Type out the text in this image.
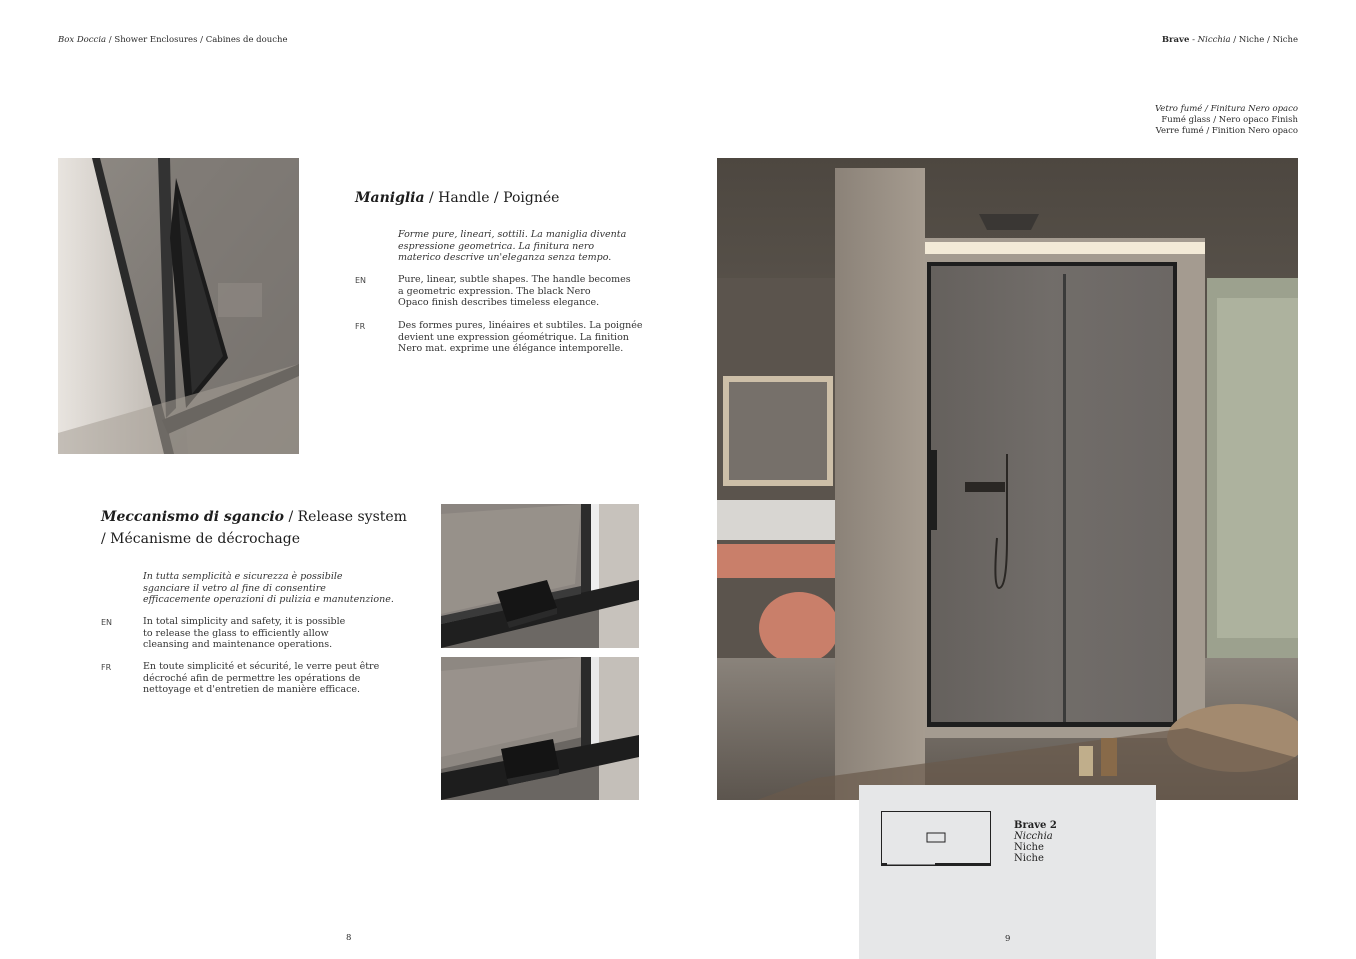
Box Doccia / Shower Enclosures / Cabines de douche	Brave - Nicchia / Niche / Niche
Vetro fumé / Finitura Nero opaco
Fumé glass / Nero opaco Finish
Verre fumé / Finition Nero opaco
Maniglia / Handle / Poignée
Forme pure, lineari, sottili. La maniglia diventa
espressione geometrica. La finitura nero
materico descrive un'eleganza senza tempo.
EN	Pure, linear, subtle shapes. The handle becomes
a geometric expression. The black Nero
Opaco finish describes timeless elegance.
FR	Des formes pures, linéaires et subtiles. La poignée
devient une expression géométrique. La finition
Nero mat. exprime une élégance intemporelle.
Meccanismo di sgancio / Release system
/ Mécanisme de décrochage
In tutta semplicità e sicurezza è possibile
sganciare il vetro al fine di consentire
efficacemente operazioni di pulizia e manutenzione.
EN	In total simplicity and safety, it is possible
to release the glass to efficiently allow
cleansing and maintenance operations.
FR	En toute simplicité et sécurité, le verre peut être
décroché afin de permettre les opérations de
nettoyage et d'entretien de manière efficace.
Brave 2
Nicchia
Niche
Niche
8	9
